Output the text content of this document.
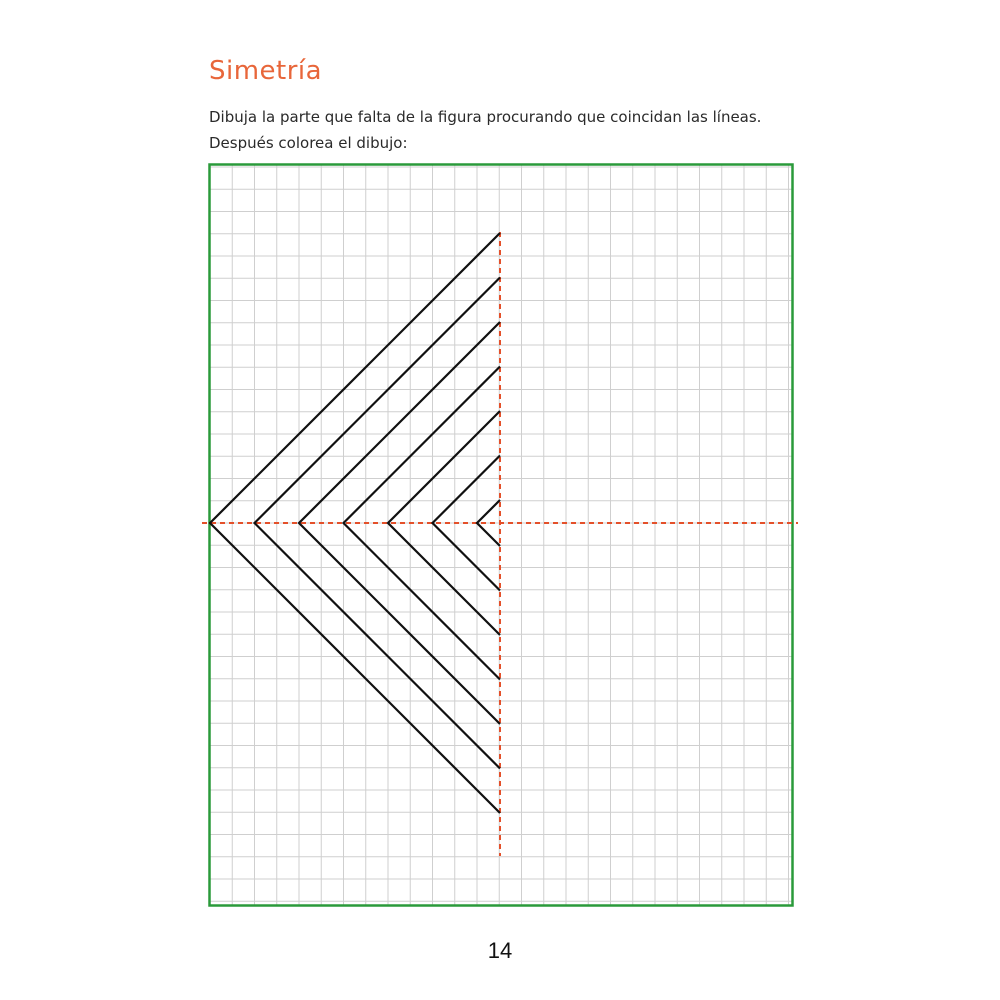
Simetría

Dibuja la parte que falta de la figura procurando que coincidan las líneas. Después colorea el dibujo:

14
